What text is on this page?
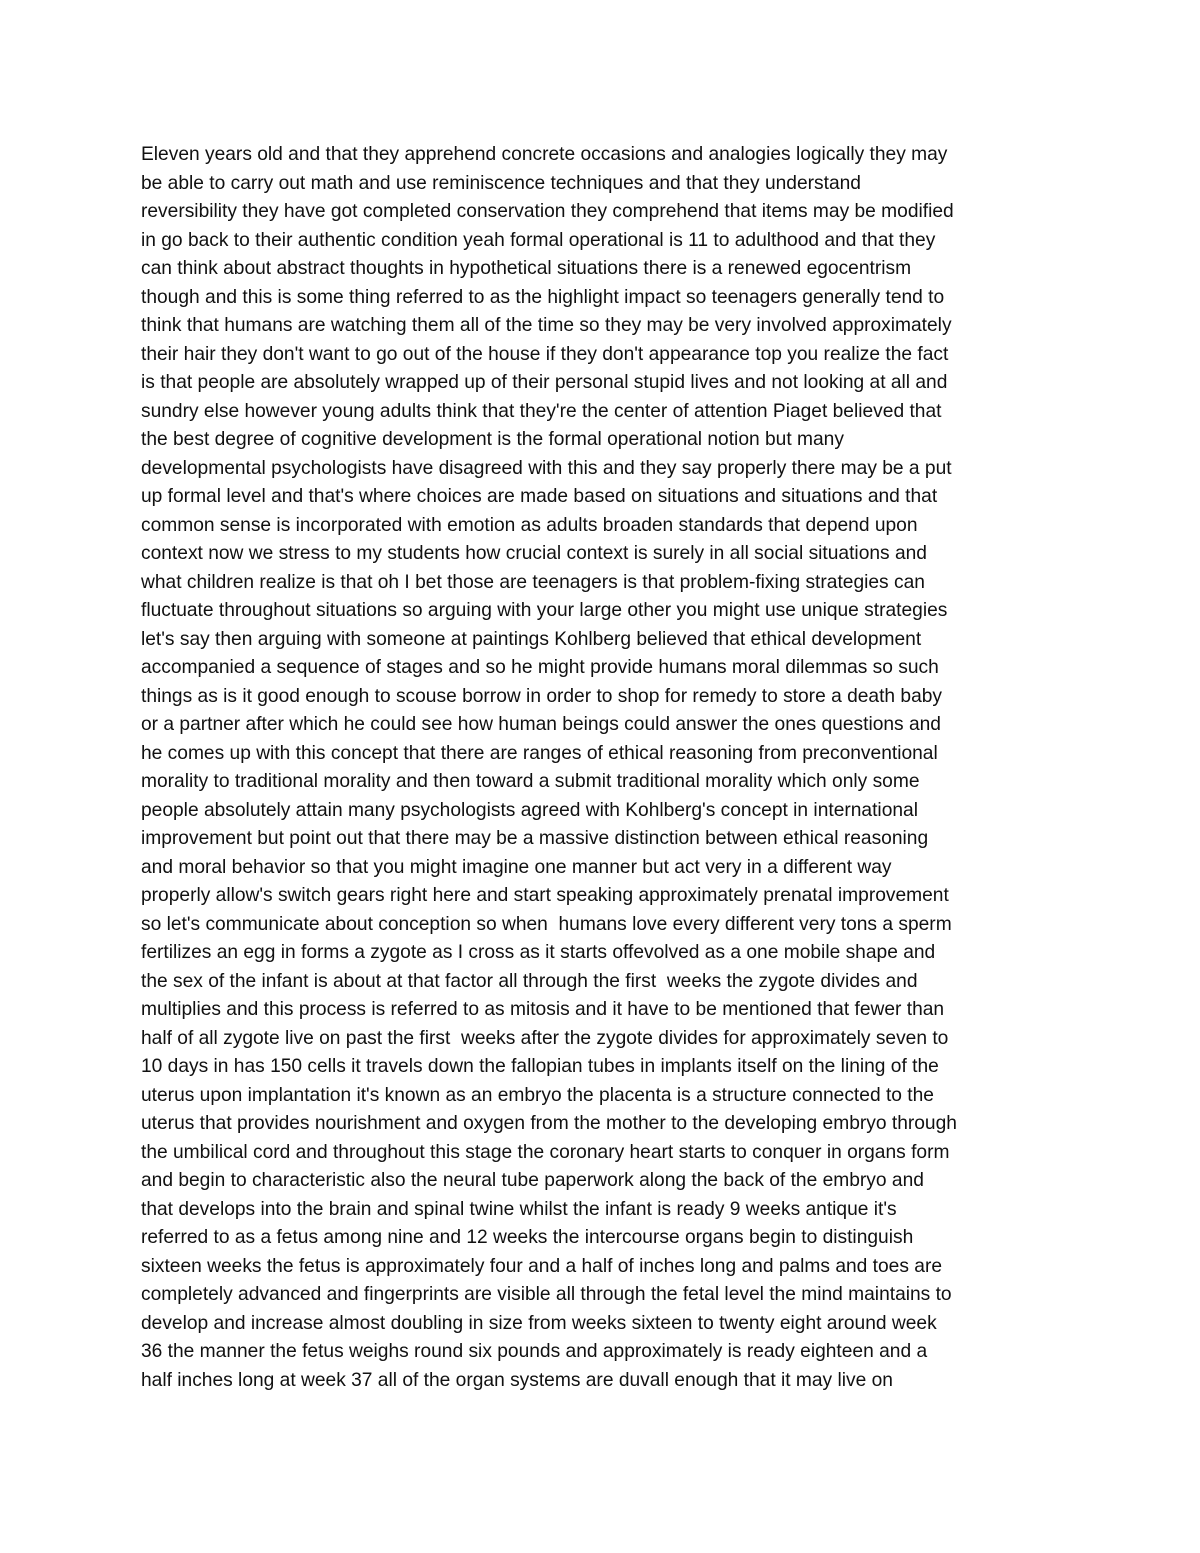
Eleven years old and that they apprehend concrete occasions and analogies logically they may
be able to carry out math and use reminiscence techniques and that they understand
reversibility they have got completed conservation they comprehend that items may be modified
in go back to their authentic condition yeah formal operational is 11 to adulthood and that they
can think about abstract thoughts in hypothetical situations there is a renewed egocentrism
though and this is some thing referred to as the highlight impact so teenagers generally tend to
think that humans are watching them all of the time so they may be very involved approximately
their hair they don't want to go out of the house if they don't appearance top you realize the fact
is that people are absolutely wrapped up of their personal stupid lives and not looking at all and
sundry else however young adults think that they're the center of attention Piaget believed that
the best degree of cognitive development is the formal operational notion but many
developmental psychologists have disagreed with this and they say properly there may be a put
up formal level and that's where choices are made based on situations and situations and that
common sense is incorporated with emotion as adults broaden standards that depend upon
context now we stress to my students how crucial context is surely in all social situations and
what children realize is that oh I bet those are teenagers is that problem-fixing strategies can
fluctuate throughout situations so arguing with your large other you might use unique strategies
let's say then arguing with someone at paintings Kohlberg believed that ethical development
accompanied a sequence of stages and so he might provide humans moral dilemmas so such
things as is it good enough to scouse borrow in order to shop for remedy to store a death baby
or a partner after which he could see how human beings could answer the ones questions and
he comes up with this concept that there are ranges of ethical reasoning from preconventional
morality to traditional morality and then toward a submit traditional morality which only some
people absolutely attain many psychologists agreed with Kohlberg's concept in international
improvement but point out that there may be a massive distinction between ethical reasoning
and moral behavior so that you might imagine one manner but act very in a different way
properly allow's switch gears right here and start speaking approximately prenatal improvement
so let's communicate about conception so when  humans love every different very tons a sperm
fertilizes an egg in forms a zygote as I cross as it starts offevolved as a one mobile shape and
the sex of the infant is about at that factor all through the first  weeks the zygote divides and
multiplies and this process is referred to as mitosis and it have to be mentioned that fewer than
half of all zygote live on past the first  weeks after the zygote divides for approximately seven to
10 days in has 150 cells it travels down the fallopian tubes in implants itself on the lining of the
uterus upon implantation it's known as an embryo the placenta is a structure connected to the
uterus that provides nourishment and oxygen from the mother to the developing embryo through
the umbilical cord and throughout this stage the coronary heart starts to conquer in organs form
and begin to characteristic also the neural tube paperwork along the back of the embryo and
that develops into the brain and spinal twine whilst the infant is ready 9 weeks antique it's
referred to as a fetus among nine and 12 weeks the intercourse organs begin to distinguish
sixteen weeks the fetus is approximately four and a half of inches long and palms and toes are
completely advanced and fingerprints are visible all through the fetal level the mind maintains to
develop and increase almost doubling in size from weeks sixteen to twenty eight around week
36 the manner the fetus weighs round six pounds and approximately is ready eighteen and a
half inches long at week 37 all of the organ systems are duvall enough that it may live on
